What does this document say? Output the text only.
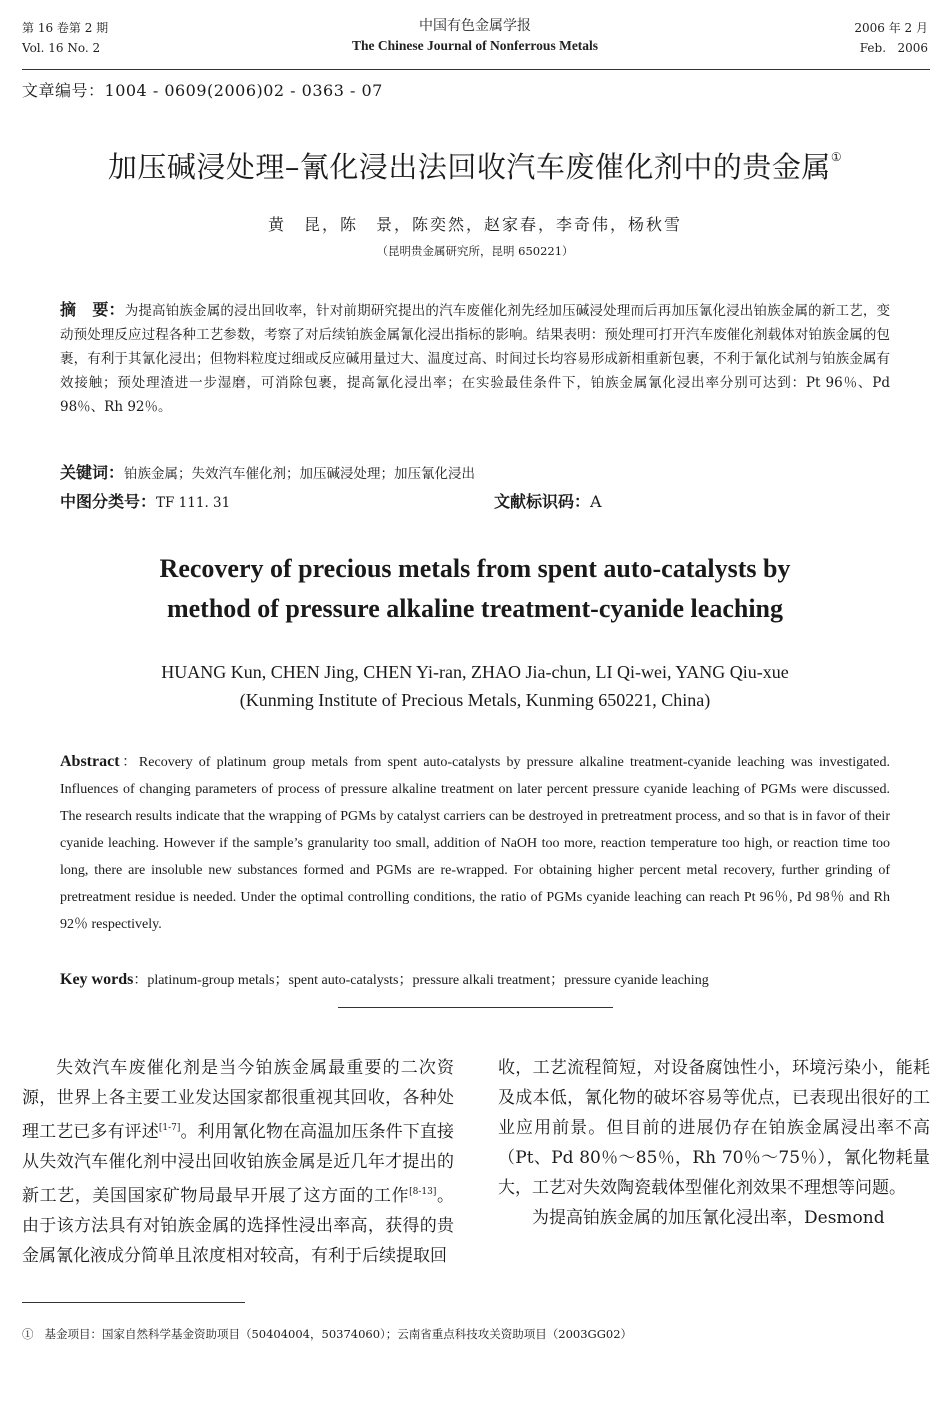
第 16 卷第 2 期
Vol. 16 No. 2
中国有色金属学报
The Chinese Journal of Nonferrous Metals
2006 年 2 月
Feb.   2006
文章编号：1004 - 0609(2006)02 - 0363 - 07
加压碱浸处理–氰化浸出法回收汽车废催化剂中的贵金属①
黄　昆，陈　景，陈奕然，赵家春，李奇伟，杨秋雪
（昆明贵金属研究所，昆明 650221）
摘　要：为提高铂族金属的浸出回收率，针对前期研究提出的汽车废催化剂先经加压碱浸处理而后再加压氰化浸出铂族金属的新工艺，变动预处理反应过程各种工艺参数，考察了对后续铂族金属氰化浸出指标的影响。结果表明：预处理可打开汽车废催化剂载体对铂族金属的包裹，有利于其氰化浸出；但物料粒度过细或反应碱用量过大、温度过高、时间过长均容易形成新相重新包裹，不利于氰化试剂与铂族金属有效接触；预处理渣进一步湿磨，可消除包裹，提高氰化浸出率；在实验最佳条件下，铂族金属氰化浸出率分别可达到：Pt 96％、Pd 98％、Rh 92％。
关键词：铂族金属；失效汽车催化剂；加压碱浸处理；加压氰化浸出
中图分类号：TF 111. 31	文献标识码：A
Recovery of precious metals from spent auto-catalysts by
method of pressure alkaline treatment-cyanide leaching
HUANG Kun, CHEN Jing, CHEN Yi-ran, ZHAO Jia-chun, LI Qi-wei, YANG Qiu-xue
(Kunming Institute of Precious Metals, Kunming 650221, China)
Abstract：Recovery of platinum group metals from spent auto-catalysts by pressure alkaline treatment-cyanide leaching was investigated. Influences of changing parameters of process of pressure alkaline treatment on later percent pressure cyanide leaching of PGMs were discussed. The research results indicate that the wrapping of PGMs by catalyst carriers can be destroyed in pretreatment process, and so that is in favor of their cyanide leaching. However if the sample’s granularity too small, addition of NaOH too more, reaction temperature too high, or reaction time too long, there are insoluble new substances formed and PGMs are re-wrapped. For obtaining higher percent metal recovery, further grinding of pretreatment residue is needed. Under the optimal controlling conditions, the ratio of PGMs cyanide leaching can reach Pt 96％, Pd 98％ and Rh 92％ respectively.
Key words：platinum-group metals；spent auto-catalysts；pressure alkali treatment；pressure cyanide leaching

失效汽车废催化剂是当今铂族金属最重要的二次资源，世界上各主要工业发达国家都很重视其回收，各种处理工艺已多有评述[1-7]。利用氰化物在高温加压条件下直接从失效汽车催化剂中浸出回收铂族金属是近几年才提出的新工艺，美国国家矿物局最早开展了这方面的工作[8-13]。由于该方法具有对铂族金属的选择性浸出率高，获得的贵金属氰化液成分简单且浓度相对较高，有利于后续提取回

收，工艺流程简短，对设备腐蚀性小，环境污染小，能耗及成本低，氰化物的破坏容易等优点，已表现出很好的工业应用前景。但目前的进展仍存在铂族金属浸出率不高（Pt、Pd 80％～85％，Rh 70％～75％），氰化物耗量大，工艺对失效陶瓷载体型催化剂效果不理想等问题。

为提高铂族金属的加压氰化浸出率，Desmond

① 基金项目：国家自然科学基金资助项目（50404004，50374060）；云南省重点科技攻关资助项目（2003GG02）
